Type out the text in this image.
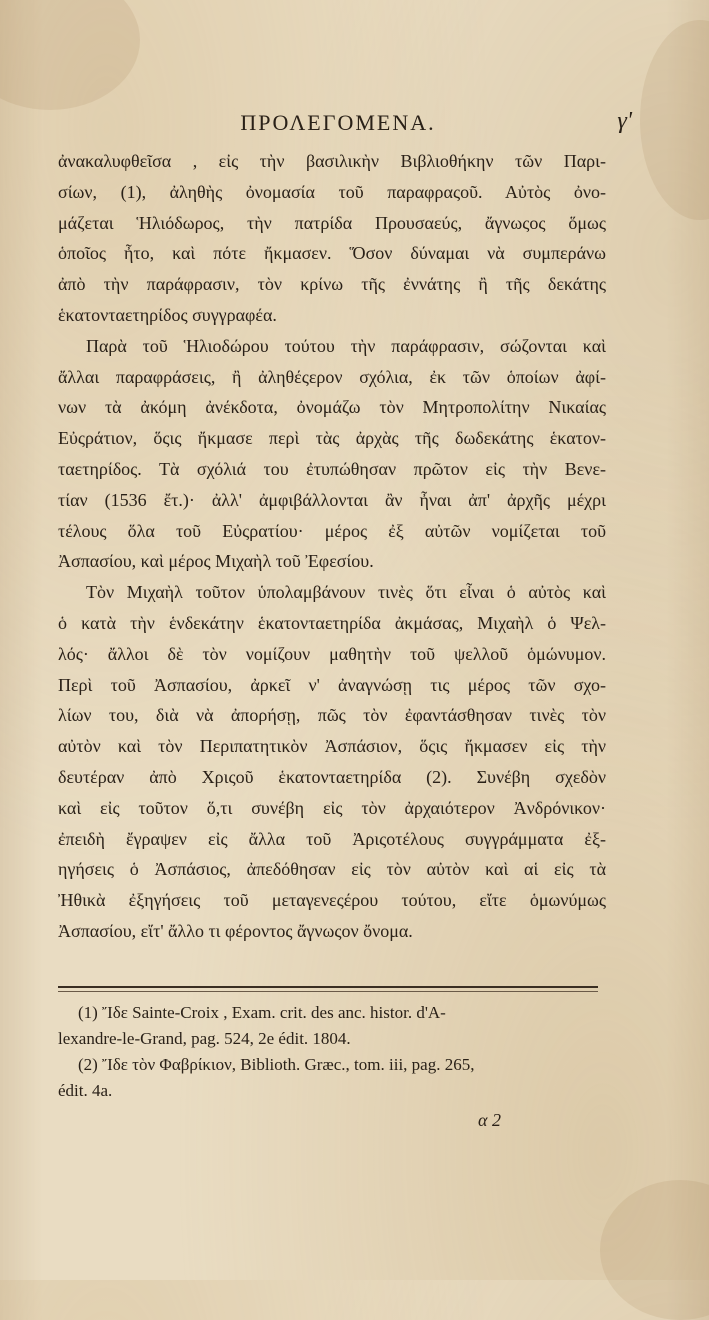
ΠΡΟΛΕΓΟΜΕΝΑ.	γ'
ἀνακαλυφθεῖσα , εἰς τὴν βασιλικὴν Βιβλιοθήκην τῶν Παρι-
σίων, (1), ἀληθὴς ὀνομασία τοῦ παραφραςοῦ. Αὐτὸς ὀνο-
μάζεται Ἡλιόδωρος, τὴν πατρίδα Προυσαεύς, ἄγνωςος ὅμως
ὁποῖος ἦτο, καὶ πότε ἤκμασεν. Ὅσον δύναμαι νὰ συμπεράνω
ἀπὸ τὴν παράφρασιν, τὸν κρίνω τῆς ἐννάτης ἢ τῆς δεκάτης
ἑκατονταετηρίδος συγγραφέα.
Παρὰ τοῦ Ἡλιοδώρου τούτου τὴν παράφρασιν, σώζονται καὶ
ἄλλαι παραφράσεις, ἢ ἀληθέςερον σχόλια, ἐκ τῶν ὁποίων ἀφί-
νων τὰ ἀκόμη ἀνέκδοτα, ὀνομάζω τὸν Μητροπολίτην Νικαίας
Εὐςράτιον, ὅςις ἤκμασε περὶ τὰς ἀρχὰς τῆς δωδεκάτης ἑκατον-
ταετηρίδος. Τὰ σχόλιά του ἐτυπώθησαν πρῶτον εἰς τὴν Βενε-
τίαν (1536 ἔτ.)· ἀλλ' ἀμφιβάλλονται ἂν ἦναι ἀπ' ἀρχῆς μέχρι
τέλους ὅλα τοῦ Εὐςρατίου· μέρος ἐξ αὐτῶν νομίζεται τοῦ
Ἀσπασίου, καὶ μέρος Μιχαὴλ τοῦ Ἐφεσίου.
Τὸν Μιχαὴλ τοῦτον ὑπολαμβάνουν τινὲς ὅτι εἶναι ὁ αὐτὸς καὶ
ὁ κατὰ τὴν ἑνδεκάτην ἑκατονταετηρίδα ἀκμάσας, Μιχαὴλ ὁ Ψελ-
λός· ἄλλοι δὲ τὸν νομίζουν μαθητὴν τοῦ ψελλοῦ ὁμώνυμον.
Περὶ τοῦ Ἀσπασίου, ἀρκεῖ ν' ἀναγνώσῃ τις μέρος τῶν σχο-
λίων του, διὰ νὰ ἀπορήσῃ, πῶς τὸν ἐφαντάσθησαν τινὲς τὸν
αὐτὸν καὶ τὸν Περιπατητικὸν Ἀσπάσιον, ὅςις ἤκμασεν εἰς τὴν
δευτέραν ἀπὸ Χριςοῦ ἑκατονταετηρίδα (2). Συνέβη σχεδὸν
καὶ εἰς τοῦτον ὅ,τι συνέβη εἰς τὸν ἀρχαιότερον Ἀνδρόνικον·
ἐπειδὴ ἔγραψεν εἰς ἄλλα τοῦ Ἀριςοτέλους συγγράμματα ἐξ-
ηγήσεις ὁ Ἀσπάσιος, ἀπεδόθησαν εἰς τὸν αὐτὸν καὶ αἱ εἰς τὰ
Ἠθικὰ ἐξηγήσεις τοῦ μεταγενεςέρου τούτου, εἴτε ὁμωνύμως
Ἀσπασίου, εἴτ' ἄλλο τι φέροντος ἄγνωςον ὄνομα.
(1) Ἴδε Sainte-Croix , Exam. crit. des anc. histor. d'A-
lexandre-le-Grand, pag. 524, 2e édit. 1804.
(2) Ἴδε τὸν Φαβρίκιον, Biblioth. Græc., tom. iii, pag. 265,
édit. 4a.
α 2
